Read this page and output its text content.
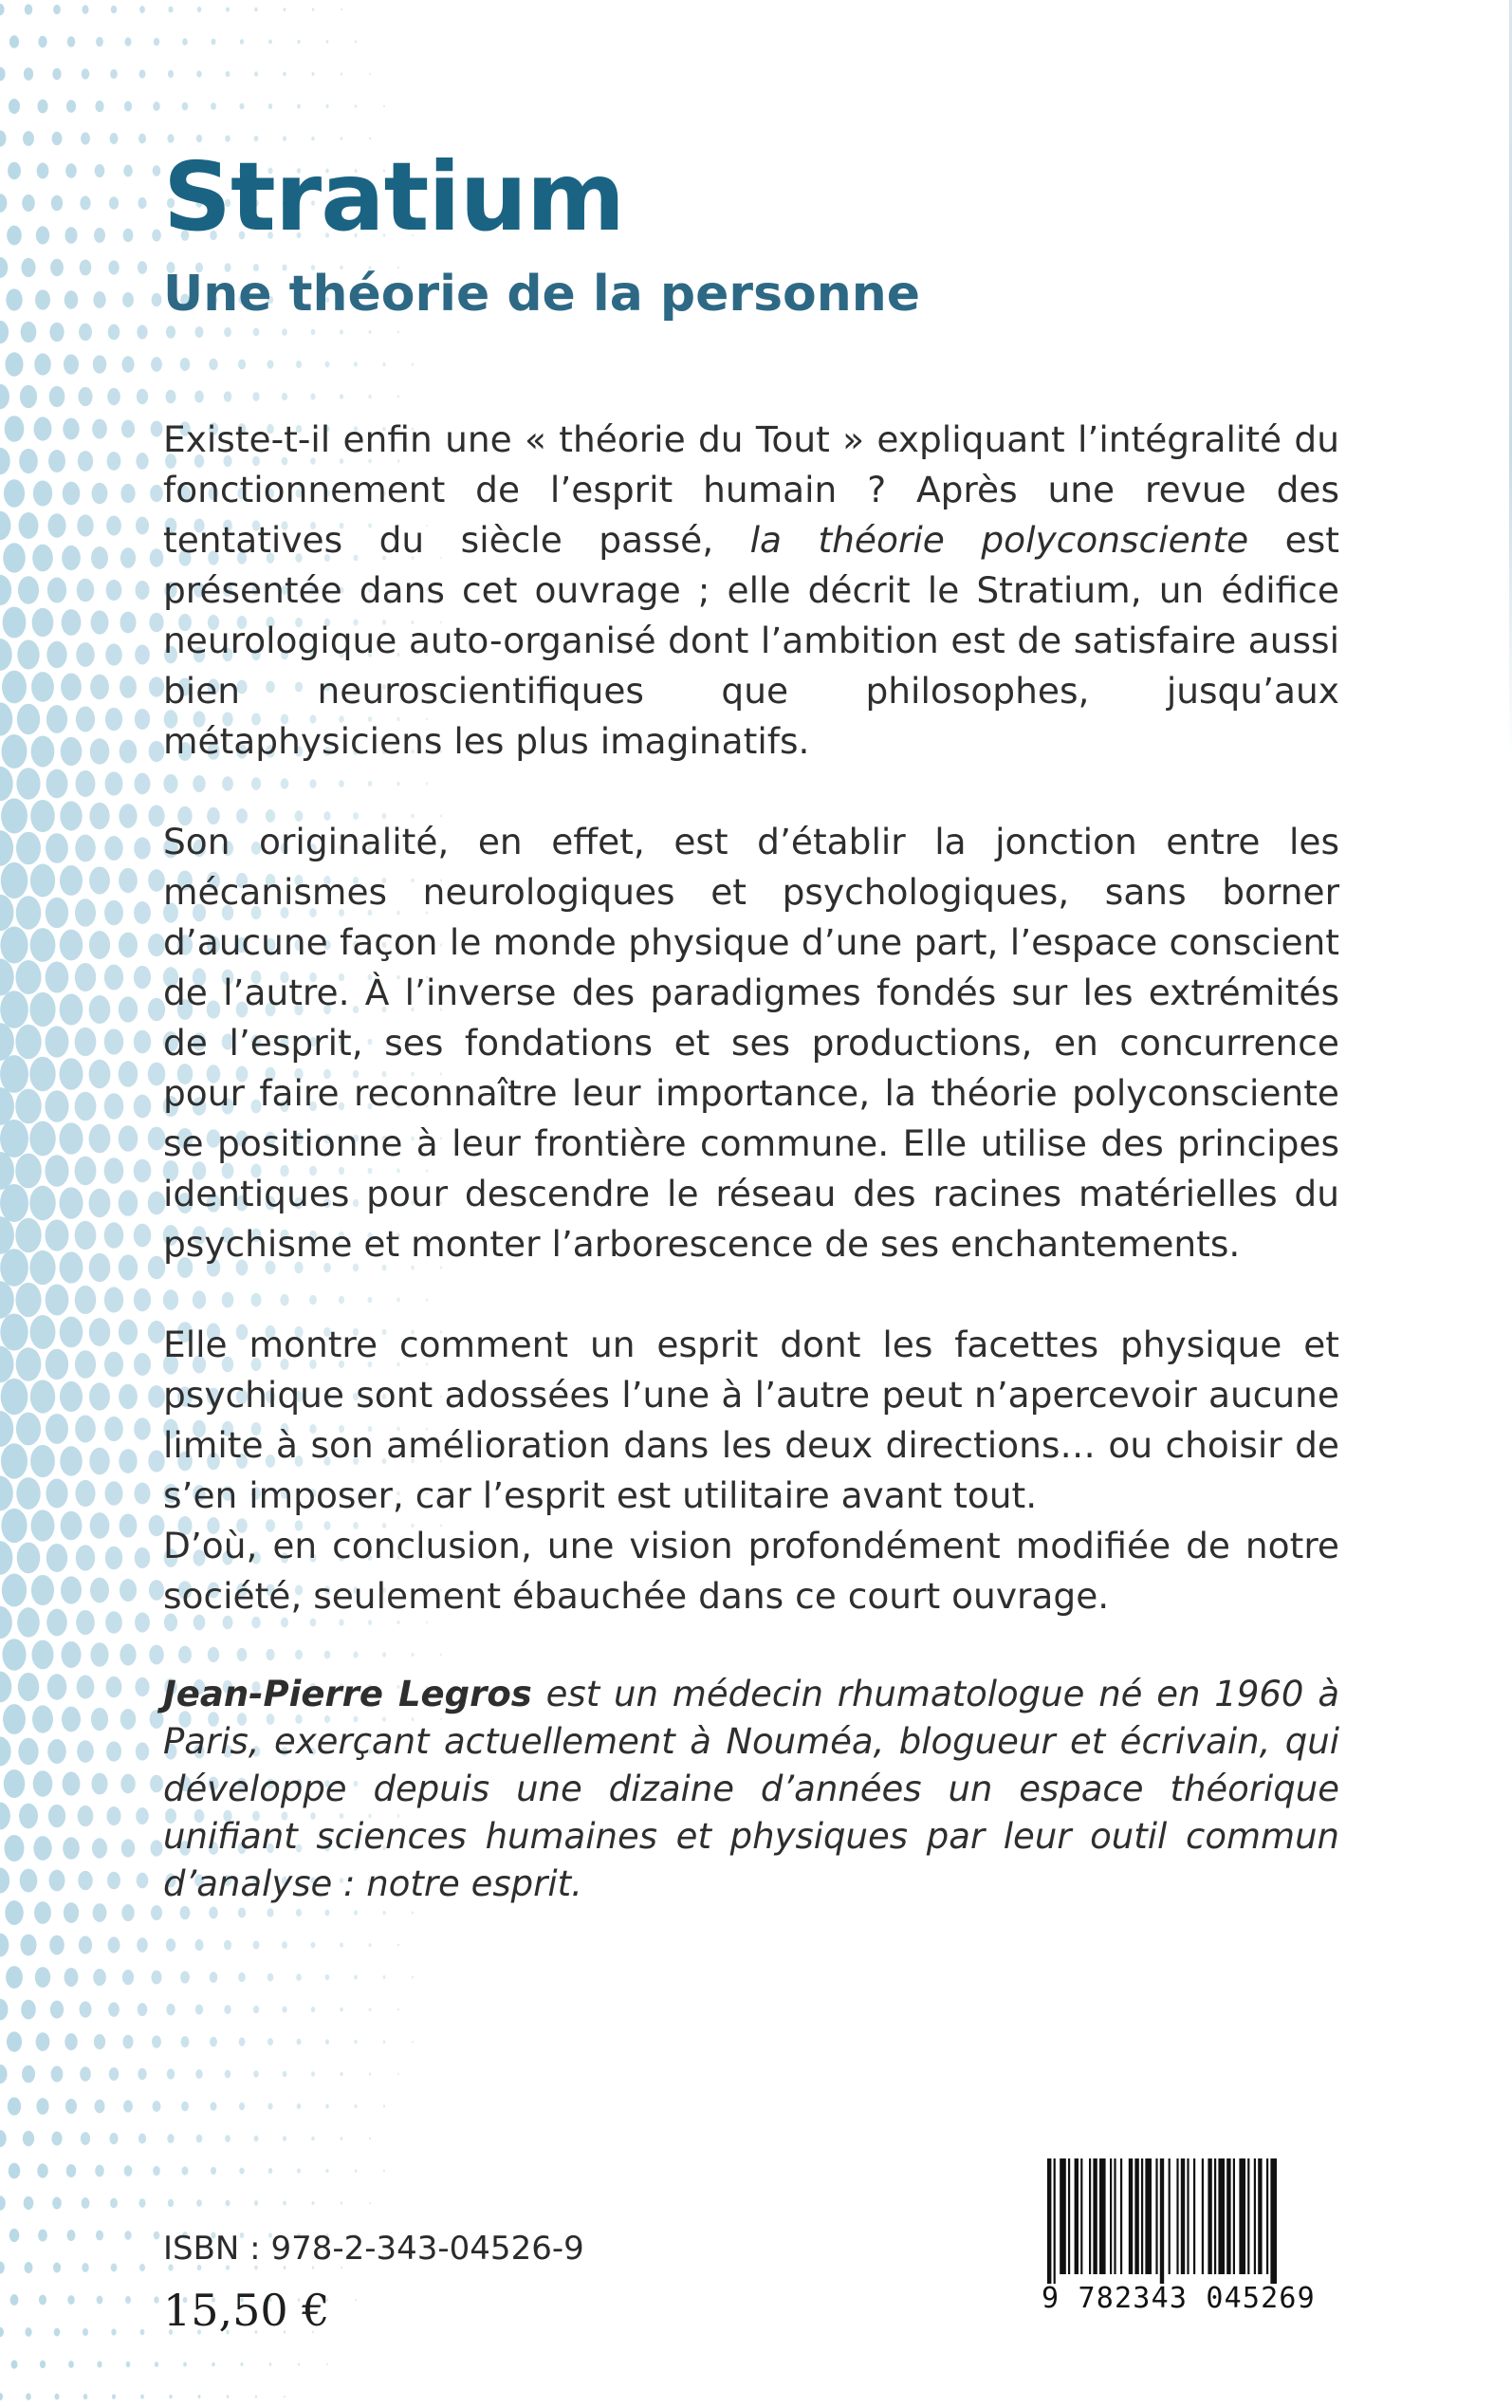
Stratium
Une théorie de la personne

Existe-t-il enfin une « théorie du Tout » expliquant l’intégralité du fonctionnement de l’esprit humain ? Après une revue des tentatives du siècle passé, la théorie polyconsciente est présentée dans cet ouvrage ; elle décrit le Stratium, un édifice neurologique auto-organisé dont l’ambition est de satisfaire aussi bien neuroscientifiques que philosophes, jusqu’aux métaphysiciens les plus imaginatifs.

Son originalité, en effet, est d’établir la jonction entre les mécanismes neurologiques et psychologiques, sans borner d’aucune façon le monde physique d’une part, l’espace conscient de l’autre. À l’inverse des paradigmes fondés sur les extrémités de l’esprit, ses fondations et ses productions, en concurrence pour faire reconnaître leur importance, la théorie polyconsciente se positionne à leur frontière commune. Elle utilise des principes identiques pour descendre le réseau des racines matérielles du psychisme et monter l’arborescence de ses enchantements.

Elle montre comment un esprit dont les facettes physique et psychique sont adossées l’une à l’autre peut n’apercevoir aucune limite à son amélioration dans les deux directions… ou choisir de s’en imposer, car l’esprit est utilitaire avant tout.

D’où, en conclusion, une vision profondément modifiée de notre société, seulement ébauchée dans ce court ouvrage.

Jean-Pierre Legros est un médecin rhumatologue né en 1960 à Paris, exerçant actuellement à Nouméa, blogueur et écrivain, qui développe depuis une dizaine d’années un espace théorique unifiant sciences humaines et physiques par leur outil commun d’analyse : notre esprit.

ISBN : 978-2-343-04526-9
15,50 €	9 782343 045269
